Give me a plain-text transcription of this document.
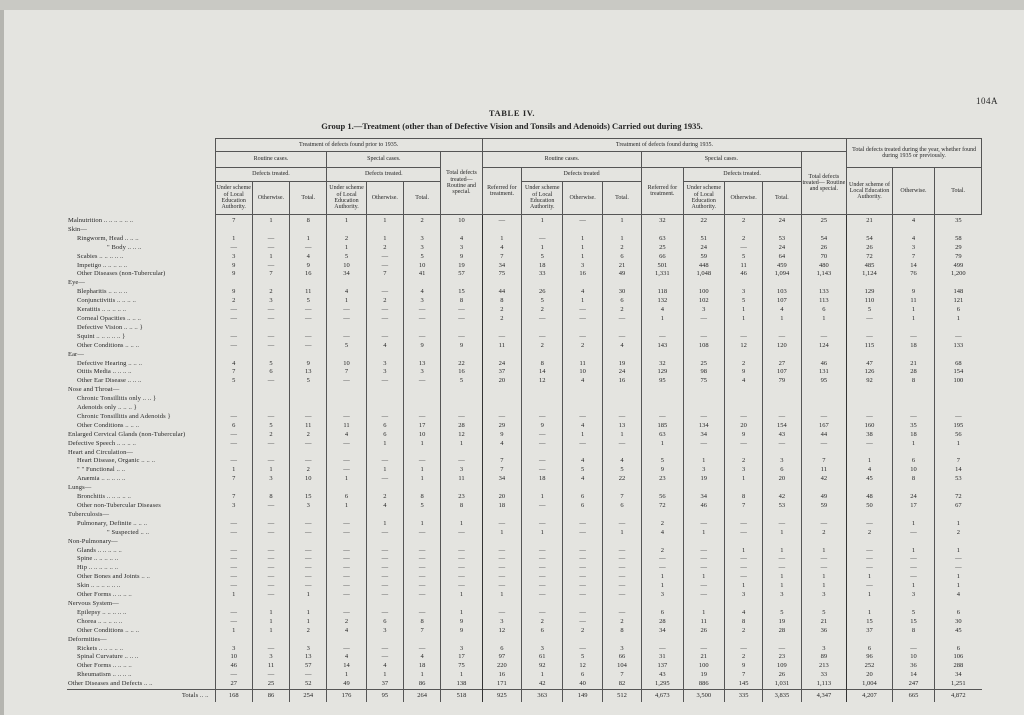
104A
TABLE IV.
Group 1.—Treatment (other than of Defective Vision and Tonsils and Adenoids) Carried out during 1935.
	Treatment of defects found prior to 1935.							Treatment of defects found during 1935.									Total defects treated during the year, whether found during 1935 or previously.		
	Routine cases.			Special cases.			Total defects treated— Routine and special.	Routine cases.				Special cases.				Total defects treated— Routine and special.			
	Defects treated.			Defects treated.				Referred for treatment.	Defects treated			Referred for treatment.	Defects treated.				Under scheme of Local Education Authority.	Otherwise.	Total.
	Under scheme of Local Education Authority.	Otherwise.	Total.	Under scheme of Local Education Authority.	Otherwise.	Total.			Under scheme of Local Education Authority.	Otherwise.	Total.		Under scheme of Local Education Authority.	Otherwise.	Total.				
Malnutrition .. .. .. .. .. ..	7	1	8	1	1	2	10	—	1	—	1	32	22	2	24	25	21	4	35
Skin—																			
Ringworm, Head .. .. ..	1	—	1	2	1	3	4	1	—	1	1	63	51	2	53	54	54	4	58
" Body .. .. ..	—	—	—	1	2	3	3	4	1	1	2	25	24	—	24	26	26	3	29
Scabies .. .. .. .. ..	3	1	4	5	—	5	9	7	5	1	6	66	59	5	64	70	72	7	79
Impetigo .. .. .. .. ..	9	—	9	10	—	10	19	34	18	3	21	501	448	11	459	480	485	14	499
Other Diseases (non-Tubercular)	9	7	16	34	7	41	57	75	33	16	49	1,331	1,048	46	1,094	1,143	1,124	76	1,200
Eye—																			
Blepharitis .. .. .. ..	9	2	11	4	—	4	15	44	26	4	30	118	100	3	103	133	129	9	148
Conjunctivitis .. .. .. ..	2	3	5	1	2	3	8	8	5	1	6	132	102	5	107	113	110	11	121
Keratitis .. .. .. .. ..	—	—	—	—	—	—	—	2	2	—	2	4	3	1	4	6	5	1	6
Corneal Opacities .. .. ..	—	—	—	—	—	—	—	2	—	—	—	1	—	1	1	1	—	1	1
Defective Vision .. .. .. }																			
Squint .. .. .. .. .. }	—	—	—	—	—	—	—	—	—	—	—	—	—	—	—	—	—	—	—
Other Conditions .. .. ..	—	—	—	5	4	9	9	11	2	2	4	143	108	12	120	124	115	18	133
Ear—																			
Defective Hearing .. .. ..	4	5	9	10	3	13	22	24	8	11	19	32	25	2	27	46	47	21	68
Otitis Media .. .. .. ..	7	6	13	7	3	3	16	37	14	10	24	129	98	9	107	131	126	28	154
Other Ear Disease .. .. ..	5	—	5	—	—	—	5	20	12	4	16	95	75	4	79	95	92	8	100
Nose and Throat—																			
Chronic Tonsillitis only .. .. }																			
Adenoids only .. .. .. }																			
Chronic Tonsillitis and Adenoids }	—	—	—	—	—	—	—	—	—	—	—	—	—	—	—	—	—	—	—
Other Conditions .. .. ..	6	5	11	11	6	17	28	29	9	4	13	185	134	20	154	167	160	35	195
Enlarged Cervical Glands (non-Tubercular)	—	2	2	4	6	10	12	9	—	1	1	63	34	9	43	44	38	18	56
Defective Speech .. .. .. ..	—	—	—	—	1	1	1	4	—	—	—	1	—	—	—	—	—	1	1
Heart and Circulation—																			
Heart Disease, Organic .. .. ..	—	—	—	—	—	—	—	7	—	4	4	5	1	2	3	7	1	6	7
" " Functional .. ..	1	1	2	—	1	1	3	7	—	5	5	9	3	3	6	11	4	10	14
Anæmia .. .. .. .. ..	7	3	10	1	—	1	11	34	18	4	22	23	19	1	20	42	45	8	53
Lungs—																			
Bronchitis .. .. .. .. ..	7	8	15	6	2	8	23	20	1	6	7	56	34	8	42	49	48	24	72
Other non-Tubercular Diseases	3	—	3	1	4	5	8	18	—	6	6	72	46	7	53	59	50	17	67
Tuberculosis—																			
Pulmonary, Definite .. .. ..	—	—	—	—	1	1	1	—	—	—	—	2	—	—	—	—	—	1	1
" Suspected .. ..	—	—	—	—	—	—	—	1	1	—	1	4	1	—	1	2	2	—	2
Non-Pulmonary—																			
Glands .. .. .. .. ..	—	—	—	—	—	—	—	—	—	—	—	2	—	1	1	1	—	1	1
Spine .. .. .. .. ..	—	—	—	—	—	—	—	—	—	—	—	—	—	—	—	—	—	—	—
Hip .. .. .. .. .. ..	—	—	—	—	—	—	—	—	—	—	—	—	—	—	—	—	—	—	—
Other Bones and Joints .. ..	—	—	—	—	—	—	—	—	—	—	—	1	1	—	1	1	1	—	1
Skin .. .. .. .. .. ..	—	—	—	—	—	—	—	—	—	—	—	1	—	1	1	1	—	1	1
Other Forms .. .. .. ..	1	—	1	—	—	—	1	1	—	—	—	3	—	3	3	3	1	3	4
Nervous System—																			
Epilepsy .. .. .. .. ..	—	1	1	—	—	—	1	—	—	—	—	6	1	4	5	5	1	5	6
Chorea .. .. .. .. ..	—	1	1	2	6	8	9	3	2	—	2	28	11	8	19	21	15	15	30
Other Conditions .. .. ..	1	1	2	4	3	7	9	12	6	2	8	34	26	2	28	36	37	8	45
Deformities—																			
Rickets .. .. .. .. ..	3	—	3	—	—	—	3	6	3	—	3	—	—	—	—	3	6	—	6
Spinal Curvature .. .. ..	10	3	13	4	—	4	17	97	61	5	66	31	21	2	23	89	96	10	106
Other Forms .. .. .. ..	46	11	57	14	4	18	75	220	92	12	104	137	100	9	109	213	252	36	288
Rheumatism .. .. .. ..	—	—	—	1	1	1	1	16	1	6	7	43	19	7	26	33	20	14	34
Other Diseases and Defects .. ..	27	25	52	49	37	86	138	171	42	40	82	1,295	886	145	1,031	1,113	1,004	247	1,251
Totals .. ..	168	86	254	176	95	264	518	925	363	149	512	4,673	3,500	335	3,835	4,347	4,207	665	4,872
